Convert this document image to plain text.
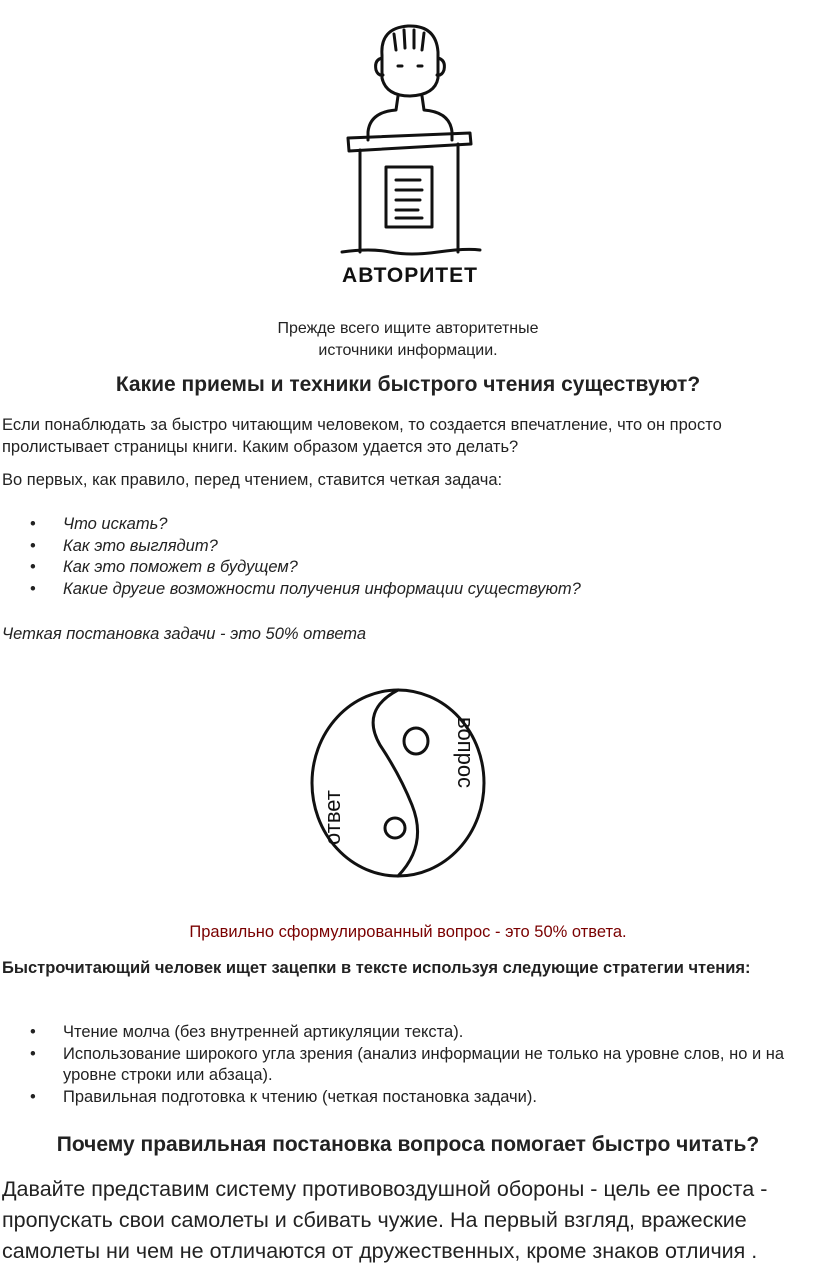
АВТОРИТЕТ
Прежде всего ищите авторитетные
источники информации.
Какие приемы и техники быстрого чтения существуют?

Если понаблюдать за быстро читающим человеком, то создается впечатление, что он просто пролистывает страницы книги. Каким образом удается это делать?

Во первых, как правило, перед чтением, ставится четкая задача:

• Что искать?
• Как это выглядит?
• Как это поможет в будущем?
• Какие другие возможности получения информации существуют?

Четкая постановка задачи - это 50% ответа

ответ
вопрос
Правильно сформулированный вопрос - это 50% ответа.

Быстрочитающий человек ищет зацепки в тексте используя следующие стратегии чтения:

• Чтение молча (без внутренней артикуляции текста).
• Использование широкого угла зрения (анализ информации не только на уровне слов, но и на уровне строки или абзаца).
• Правильная подготовка к чтению (четкая постановка задачи).
Почему правильная постановка вопроса помогает быстро читать?

Давайте представим систему противовоздушной обороны - цель ее проста - пропускать свои самолеты и сбивать чужие. На первый взгляд, вражеские самолеты ни чем не отличаются от дружественных, кроме знаков отличия .
